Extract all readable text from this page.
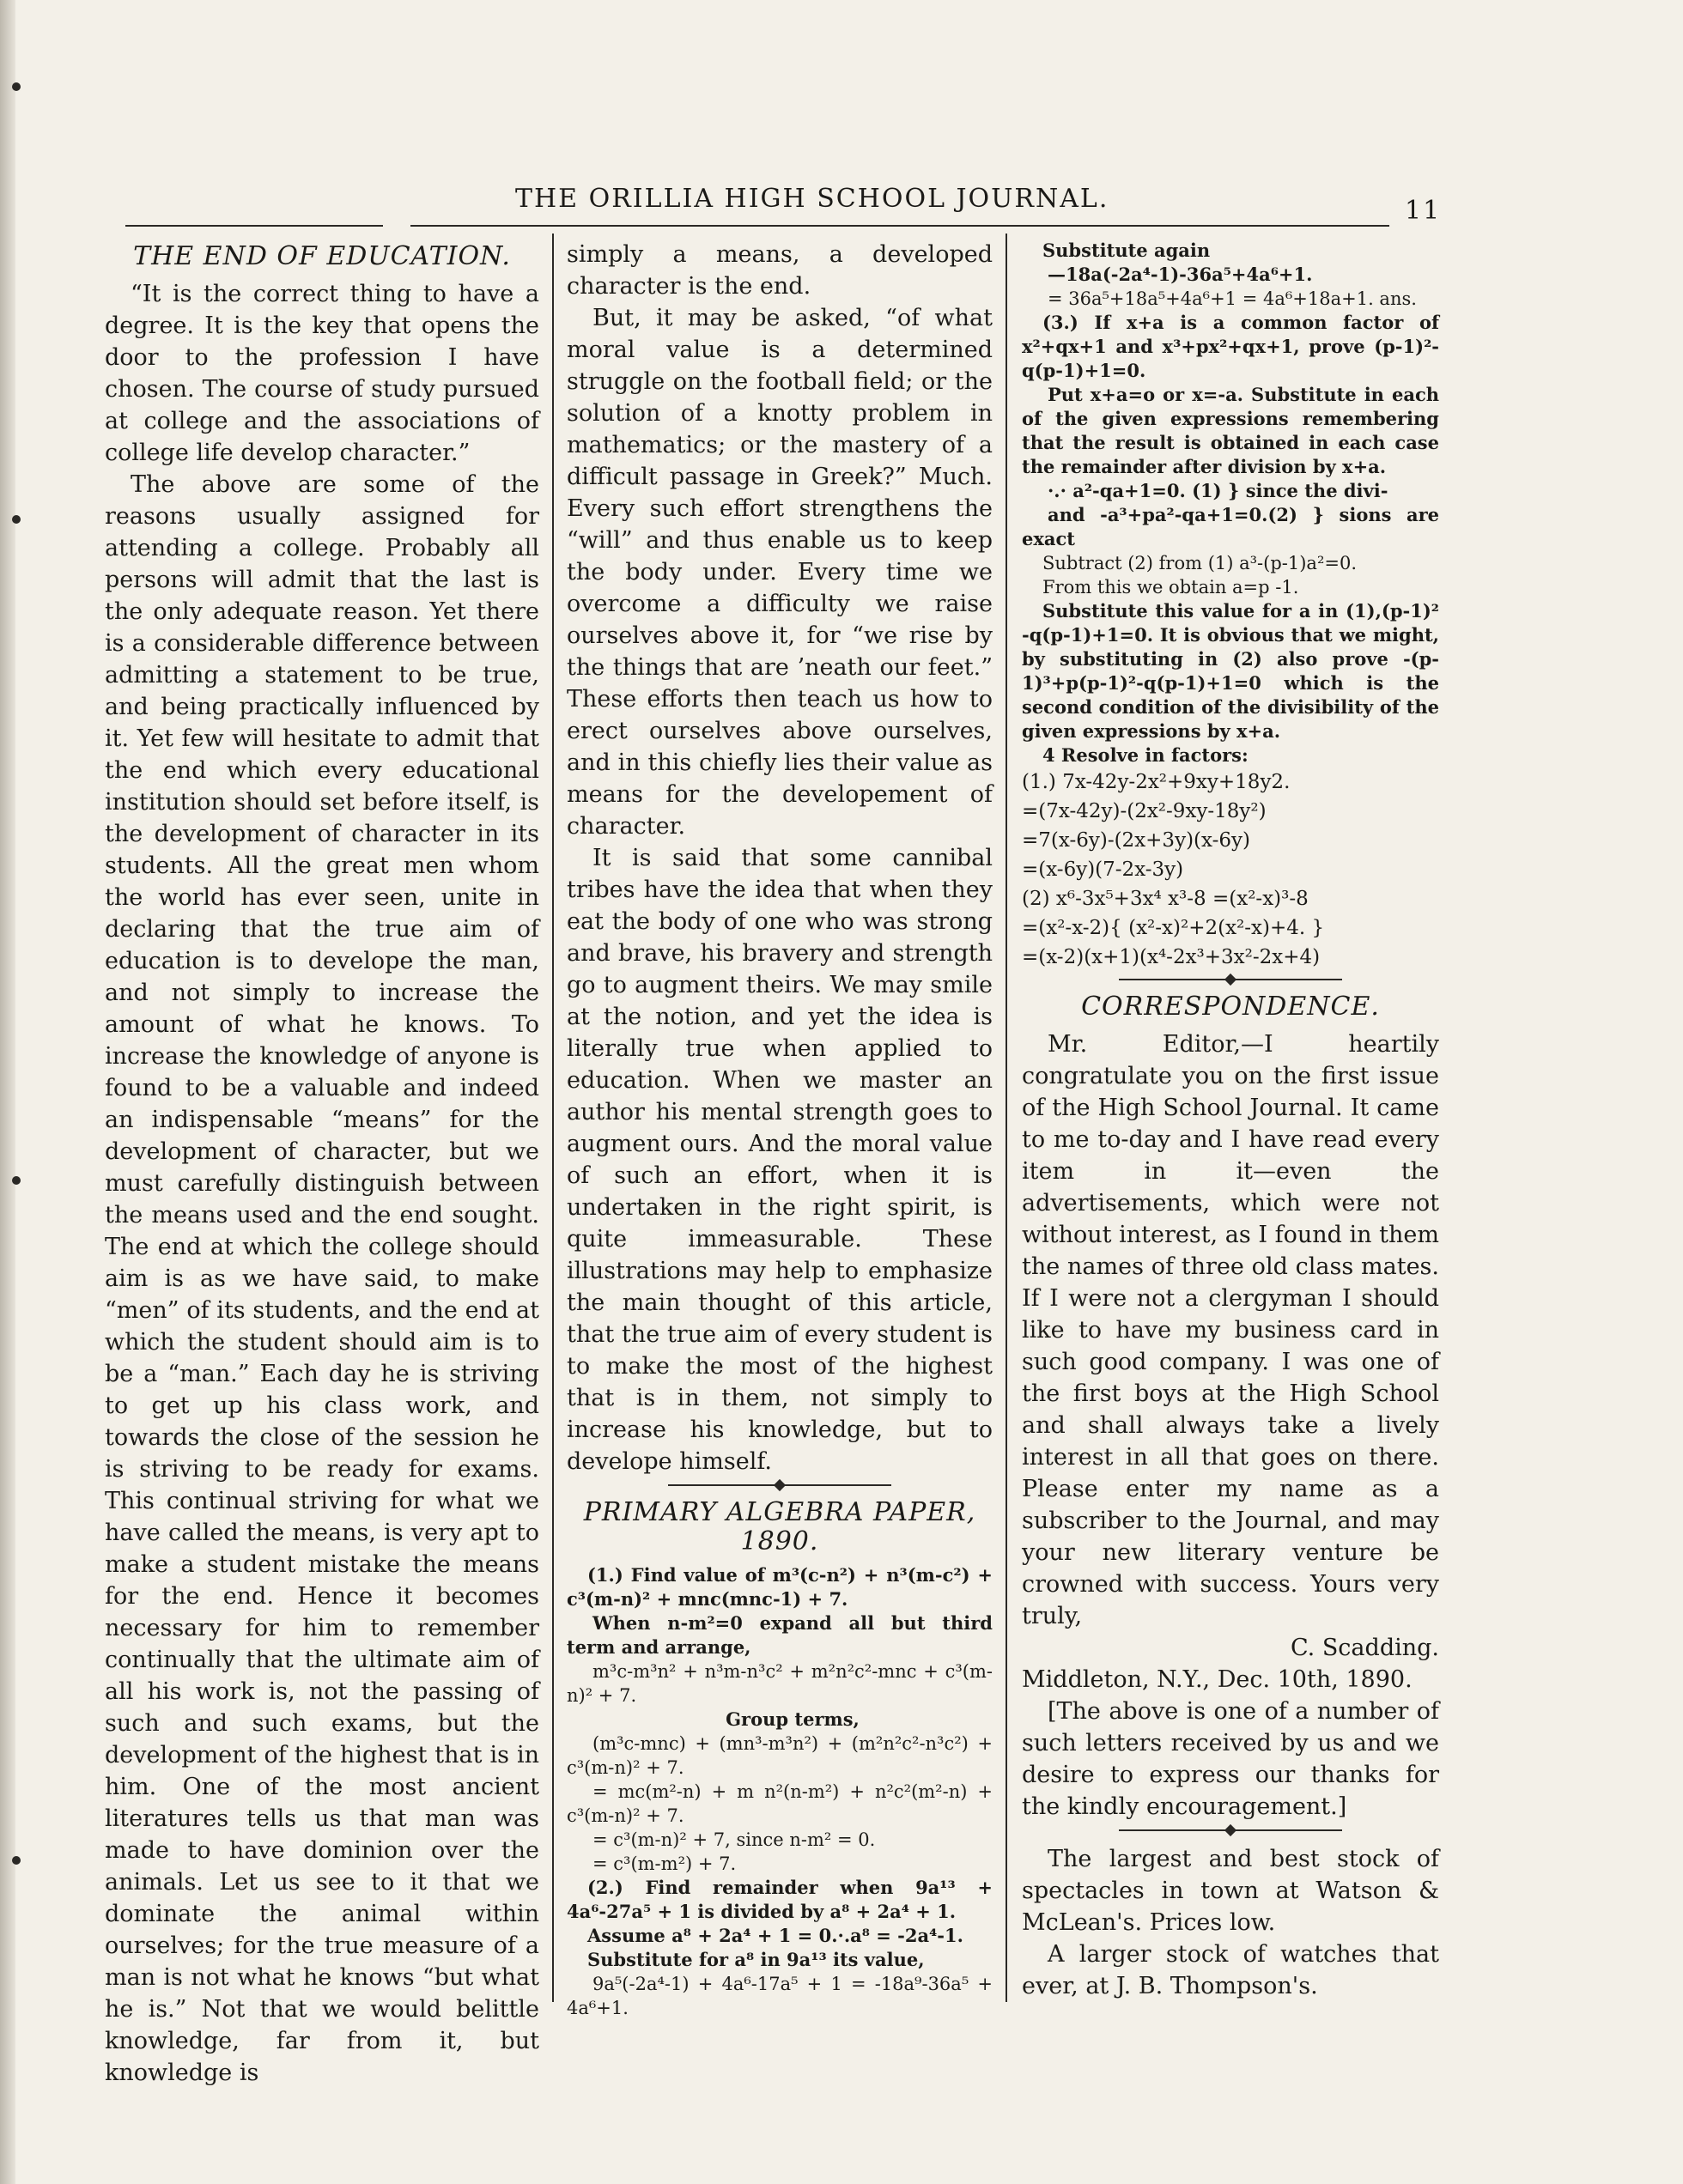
THE ORILLIA HIGH SCHOOL JOURNAL.	11
THE END OF EDUCATION.

“It is the correct thing to have a degree. It is the key that opens the door to the profession I have chosen. The course of study pursued at college and the associations of college life develop character.”

The above are some of the reasons usually assigned for attending a college. Probably all persons will admit that the last is the only adequate reason. Yet there is a considerable difference between admitting a statement to be true, and being practically influenced by it. Yet few will hesitate to admit that the end which every educational institution should set before itself, is the development of character in its students. All the great men whom the world has ever seen, unite in declaring that the true aim of education is to develope the man, and not simply to increase the amount of what he knows. To increase the knowledge of anyone is found to be a valuable and indeed an indispensable “means” for the development of character, but we must carefully distinguish between the means used and the end sought. The end at which the college should aim is as we have said, to make “men” of its students, and the end at which the student should aim is to be a “man.” Each day he is striving to get up his class work, and towards the close of the session he is striving to be ready for exams. This continual striving for what we have called the means, is very apt to make a student mistake the means for the end. Hence it becomes necessary for him to remember continually that the ultimate aim of all his work is, not the passing of such and such exams, but the development of the highest that is in him. One of the most ancient literatures tells us that man was made to have dominion over the animals. Let us see to it that we dominate the animal within ourselves; for the true measure of a man is not what he knows “but what he is.” Not that we would belittle knowledge, far from it, but knowledge is

simply a means, a developed character is the end.

But, it may be asked, “of what moral value is a determined struggle on the football field; or the solution of a knotty problem in mathematics; or the mastery of a difficult passage in Greek?” Much. Every such effort strengthens the “will” and thus enable us to keep the body under. Every time we overcome a difficulty we raise ourselves above it, for “we rise by the things that are ’neath our feet.” These efforts then teach us how to erect ourselves above ourselves, and in this chiefly lies their value as means for the developement of character.

It is said that some cannibal tribes have the idea that when they eat the body of one who was strong and brave, his bravery and strength go to augment theirs. We may smile at the notion, and yet the idea is literally true when applied to education. When we master an author his mental strength goes to augment ours. And the moral value of such an effort, when it is undertaken in the right spirit, is quite immeasurable. These illustrations may help to emphasize the main thought of this article, that the true aim of every student is to make the most of the highest that is in them, not simply to increase his knowledge, but to develope himself.

PRIMARY ALGEBRA PAPER,
1890.

(1.) Find value of m³(c-n²) + n³(m-c²) + c³(m-n)² + mnc(mnc-1) + 7.

When n-m²=0 expand all but third term and arrange,

m³c-m³n² + n³m-n³c² + m²n²c²-mnc + c³(m-n)² + 7.

Group terms,

(m³c-mnc) + (mn³-m³n²) + (m²n²c²-n³c²) + c³(m-n)² + 7.

= mc(m²-n) + m n²(n-m²) + n²c²(m²-n) + c³(m-n)² + 7.

= c³(m-n)² + 7, since n-m² = 0.

= c³(m-m²) + 7.

(2.) Find remainder when 9a¹³ + 4a⁶-27a⁵ + 1 is divided by a⁸ + 2a⁴ + 1.

Assume a⁸ + 2a⁴ + 1 = 0.·.a⁸ = -2a⁴-1.

Substitute for a⁸ in 9a¹³ its value,

9a⁵(-2a⁴-1) + 4a⁶-17a⁵ + 1 = -18a⁹-36a⁵ + 4a⁶+1.

Substitute again

—18a(-2a⁴-1)-36a⁵+4a⁶+1.

= 36a⁵+18a⁵+4a⁶+1 = 4a⁶+18a+1. ans.

(3.) If x+a is a common factor of x²+qx+1 and x³+px²+qx+1, prove (p-1)²-q(p-1)+1=0.

Put x+a=o or x=-a. Substitute in each of the given expressions remembering that the result is obtained in each case the remainder after division by x+a.

·.· a²-qa+1=0. (1) } since the divi-

and -a³+pa²-qa+1=0.(2) } sions are exact

Subtract (2) from (1) a³-(p-1)a²=0.

From this we obtain a=p -1.

Substitute this value for a in (1),(p-1)² -q(p-1)+1=0. It is obvious that we might, by substituting in (2) also prove -(p-1)³+p(p-1)²-q(p-1)+1=0 which is the second condition of the divisibility of the given expressions by x+a.

4 Resolve in factors:

(1.) 7x-42y-2x²+9xy+18y2.
=(7x-42y)-(2x²-9xy-18y²)
=7(x-6y)-(2x+3y)(x-6y)
=(x-6y)(7-2x-3y)
(2) x⁶-3x⁵+3x⁴ x³-8 =(x²-x)³-8
=(x²-x-2){ (x²-x)²+2(x²-x)+4. }
=(x-2)(x+1)(x⁴-2x³+3x²-2x+4)
CORRESPONDENCE.

Mr. Editor,—I heartily congratulate you on the first issue of the High School Journal. It came to me to-day and I have read every item in it—even the advertisements, which were not without interest, as I found in them the names of three old class mates. If I were not a clergyman I should like to have my business card in such good company. I was one of the first boys at the High School and shall always take a lively interest in all that goes on there. Please enter my name as a subscriber to the Journal, and may your new literary venture be crowned with success. Yours very truly,

C. Scadding.

Middleton, N.Y., Dec. 10th, 1890.

[The above is one of a number of such letters received by us and we desire to express our thanks for the kindly encouragement.]

The largest and best stock of spectacles in town at Watson & McLean's. Prices low.

A larger stock of watches that ever, at J. B. Thompson's.
